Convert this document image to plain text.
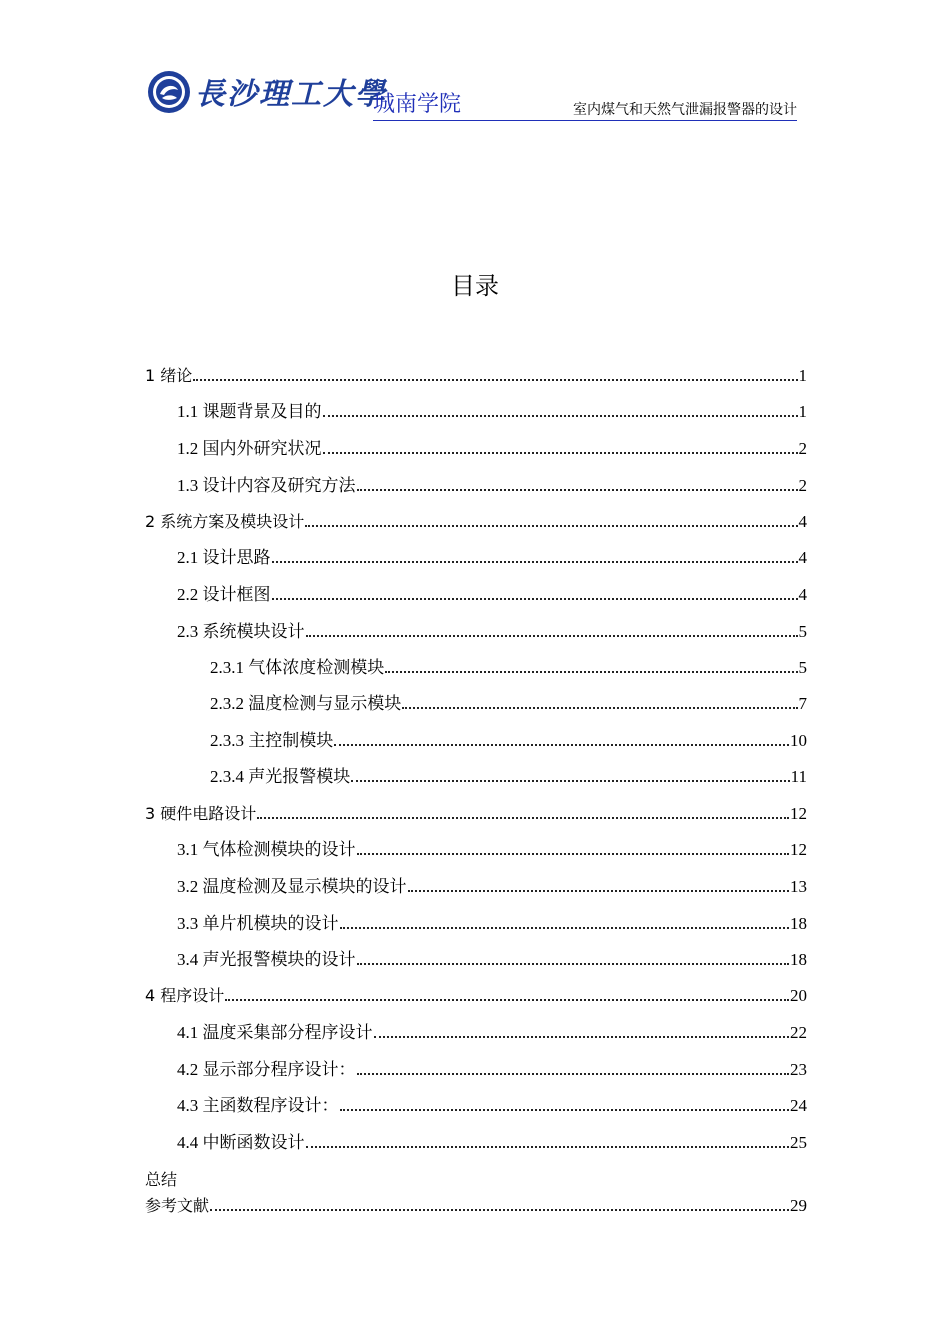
長沙理工大學
城南学院	室内煤气和天然气泄漏报警器的设计
目录
1 绪论	1
1.1 课题背景及目的	1
1.2 国内外研究状况	2
1.3 设计内容及研究方法	2
2 系统方案及模块设计	4
2.1 设计思路	4
2.2 设计框图	4
2.3 系统模块设计	5
2.3.1 气体浓度检测模块	5
2.3.2 温度检测与显示模块	7
2.3.3 主控制模块	10
2.3.4 声光报警模块	11
3 硬件电路设计	12
3.1 气体检测模块的设计	12
3.2 温度检测及显示模块的设计	13
3.3 单片机模块的设计	18
3.4 声光报警模块的设计	18
4 程序设计	20
4.1 温度采集部分程序设计	22
4.2 显示部分程序设计：	23
4.3 主函数程序设计：	24
4.4 中断函数设计	25
总结
参考文献	29
